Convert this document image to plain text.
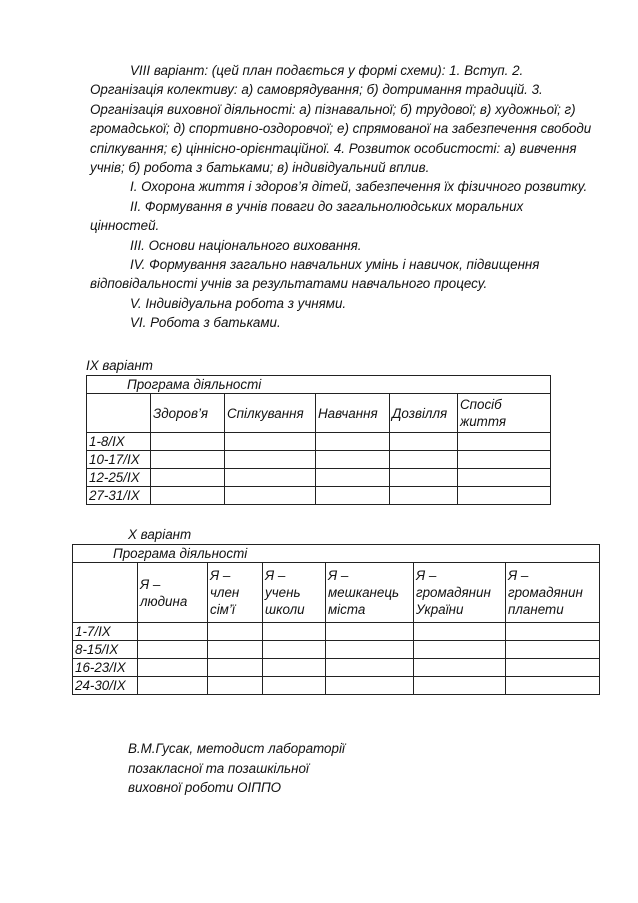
VIII варіант: (цей план подається у формі схеми): 1. Вступ. 2. Організація колективу: а) самоврядування; б) дотримання традицій. 3. Організація виховної діяльності: а) пізнавальної; б) трудової; в) художньої; г) громадської; д) спортивно-оздоровчої; е) спрямованої на забезпечення свободи спілкування; є) ціннісно-орієнтаційної. 4. Розвиток особистості: а) вивчення учнів; б) робота з батьками; в) індивідуальний вплив.

І. Охорона життя і здоров’я дітей, забезпечення їх фізичного розвитку.

ІІ. Формування в учнів поваги до загальнолюдських моральних цінностей.

ІІІ. Основи національного виховання.

IV. Формування загально навчальних умінь і навичок, підвищення відповідальності учнів за результатами навчального процесу.

V. Індивідуальна робота з учнями.

VІ. Робота з батьками.

IX варіант
Програма діяльності					
	Здоров’я	Спілкування	Навчання	Дозвілля	Спосіб життя
1-8/IX					
10-17/IX					
12-25/IX					
27-31/IX					
Х варіант
Програма діяльності						
	Я – людина	Я – член сім’ї	Я – учень школи	Я – мешканець міста	Я – громадянин України	Я – громадянин планети
1-7/IX						
8-15/IX						
16-23/IX						
24-30/IX						

В.М.Гусак, методист лабораторії

позакласної та позашкільної

виховної роботи ОІППО
